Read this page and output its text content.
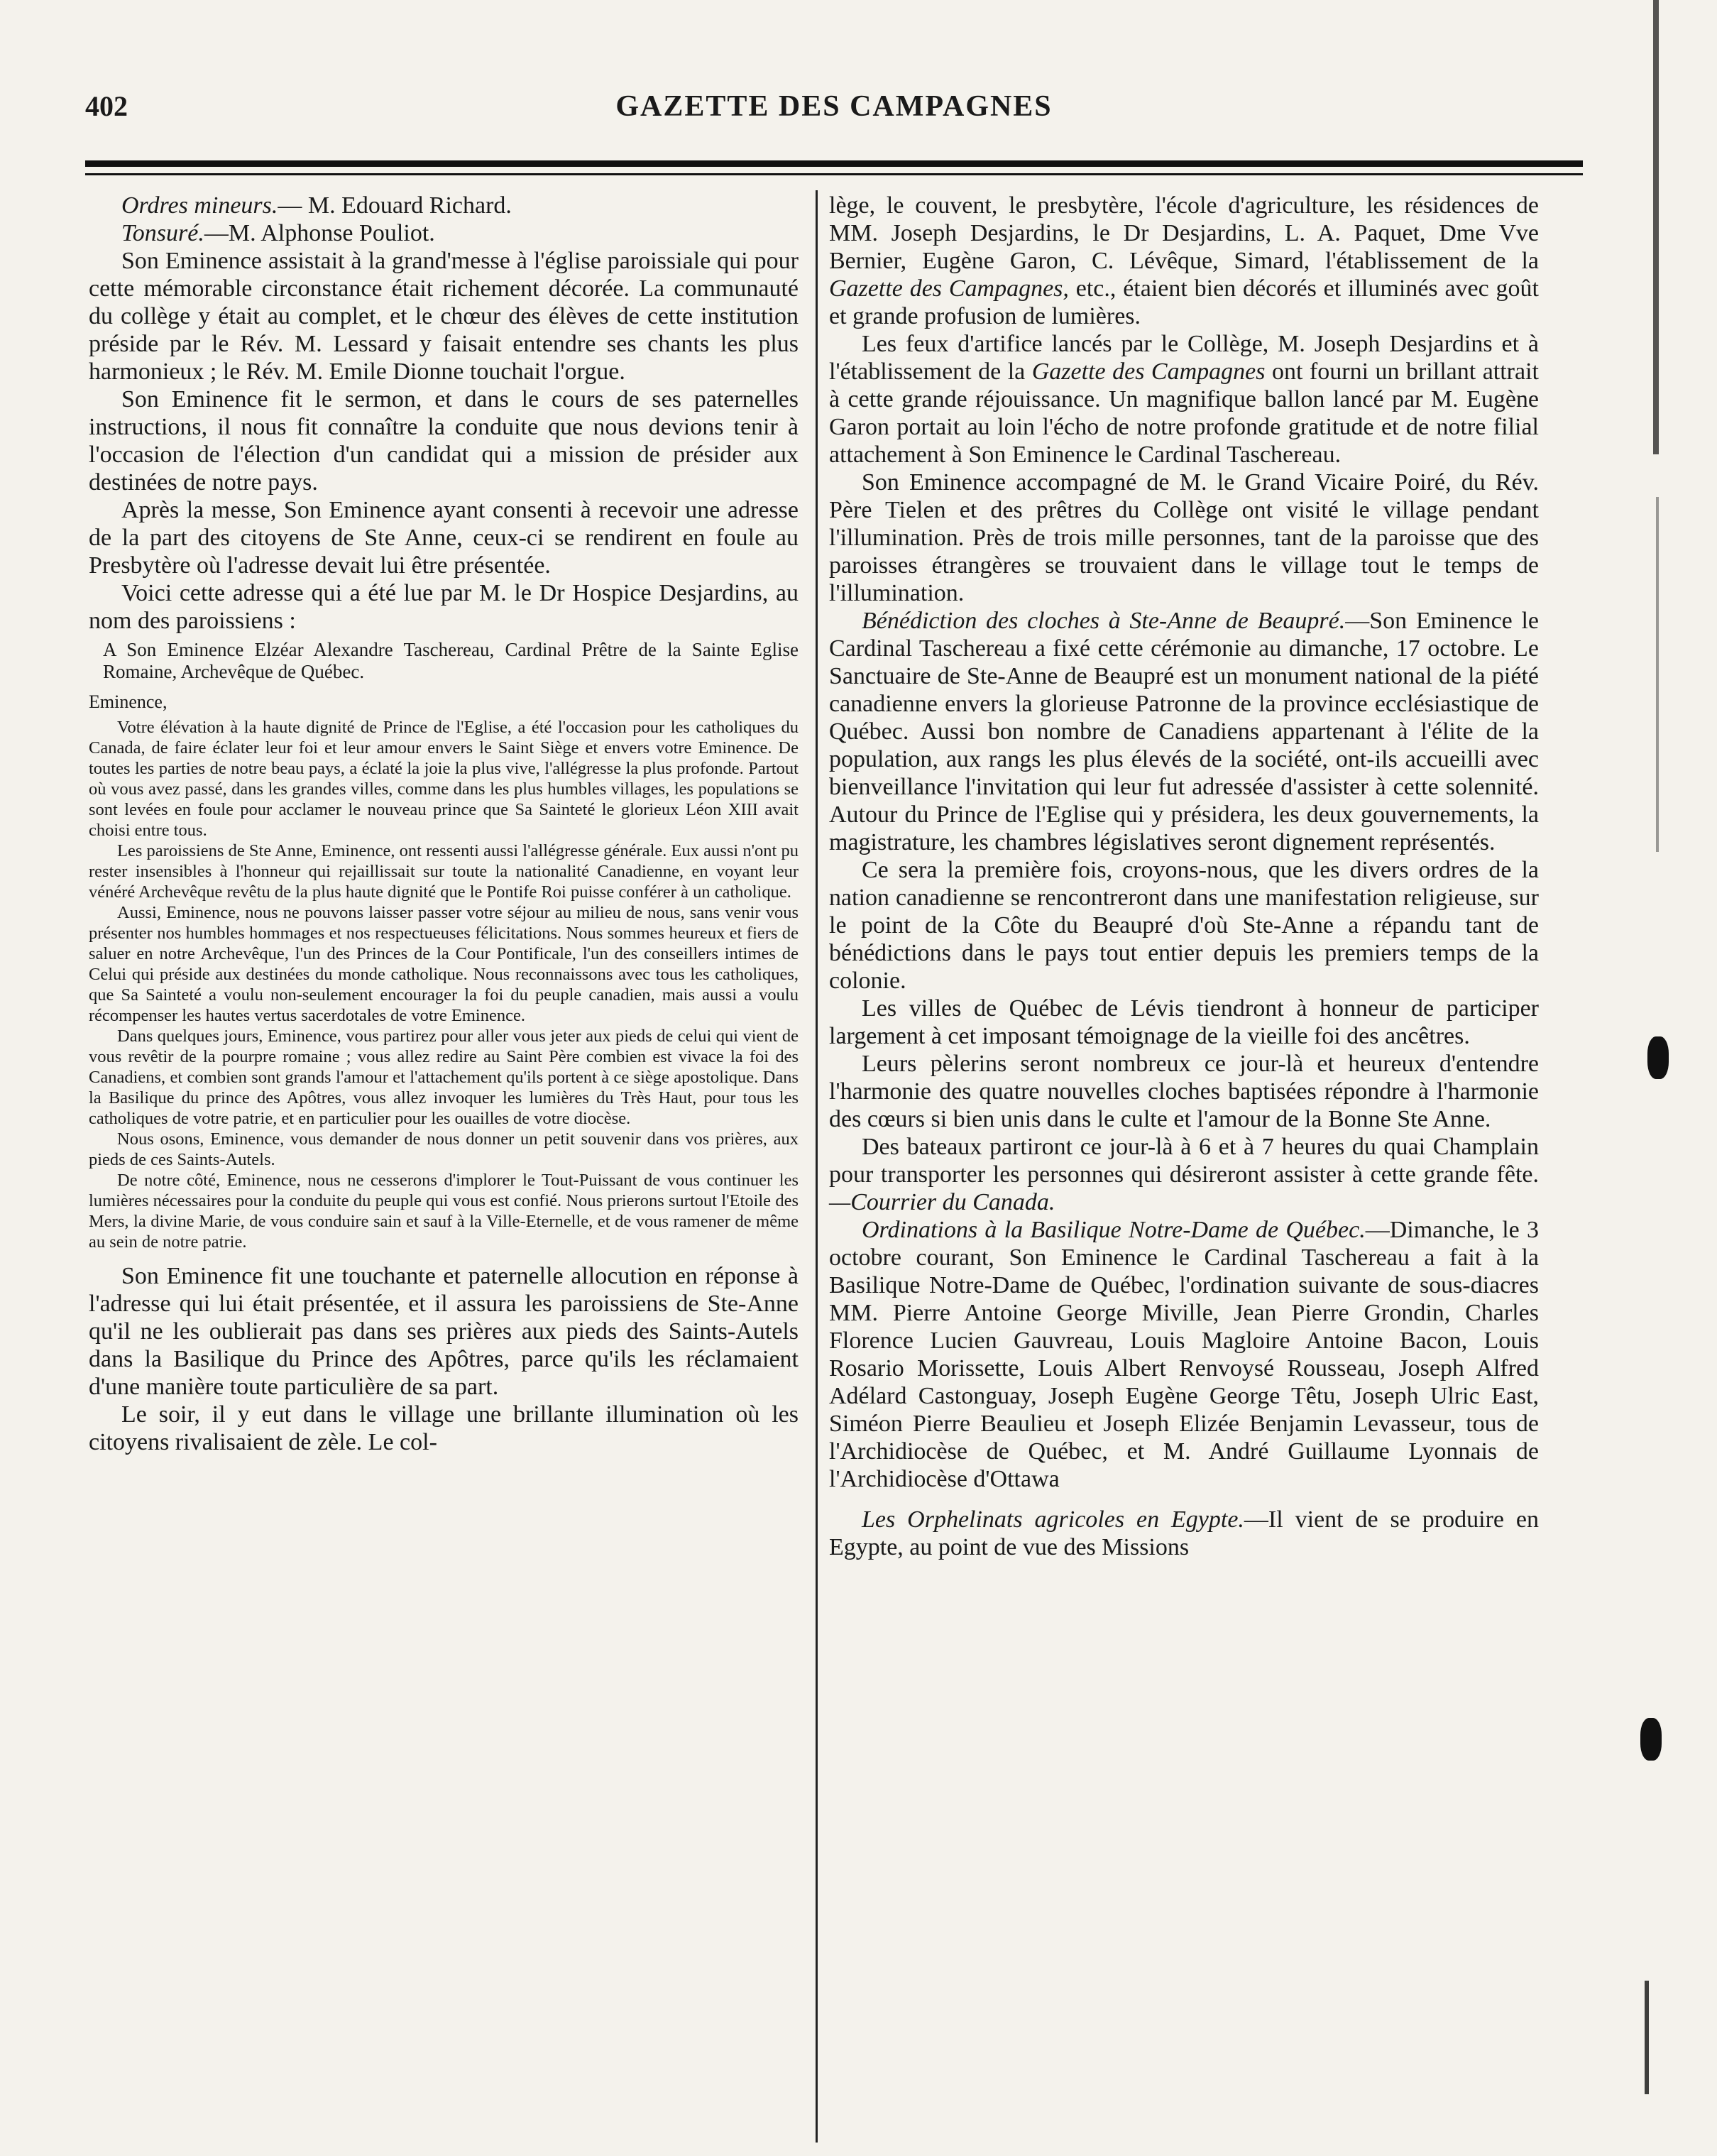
402	GAZETTE DES CAMPAGNES

Ordres mineurs.— M. Edouard Richard.

Tonsuré.—M. Alphonse Pouliot.

Son Eminence assistait à la grand'messe à l'église paroissiale qui pour cette mémorable circonstance était richement décorée. La communauté du collège y était au complet, et le chœur des élèves de cette institution préside par le Rév. M. Lessard y faisait entendre ses chants les plus harmonieux ; le Rév. M. Emile Dionne touchait l'orgue.

Son Eminence fit le sermon, et dans le cours de ses paternelles instructions, il nous fit connaître la conduite que nous devions tenir à l'occasion de l'élection d'un candidat qui a mission de présider aux destinées de notre pays.

Après la messe, Son Eminence ayant consenti à recevoir une adresse de la part des citoyens de Ste Anne, ceux-ci se rendirent en foule au Presbytère où l'adresse devait lui être présentée.

Voici cette adresse qui a été lue par M. le Dr Hospice Desjardins, au nom des paroissiens :

A Son Eminence Elzéar Alexandre Taschereau, Cardinal Prêtre de la Sainte Eglise Romaine, Archevêque de Québec.

Eminence,

Votre élévation à la haute dignité de Prince de l'Eglise, a été l'occasion pour les catholiques du Canada, de faire éclater leur foi et leur amour envers le Saint Siège et envers votre Eminence. De toutes les parties de notre beau pays, a éclaté la joie la plus vive, l'allégresse la plus profonde. Partout où vous avez passé, dans les grandes villes, comme dans les plus humbles villages, les populations se sont levées en foule pour acclamer le nouveau prince que Sa Sainteté le glorieux Léon XIII avait choisi entre tous.

Les paroissiens de Ste Anne, Eminence, ont ressenti aussi l'allégresse générale. Eux aussi n'ont pu rester insensibles à l'honneur qui rejaillissait sur toute la nationalité Canadienne, en voyant leur vénéré Archevêque revêtu de la plus haute dignité que le Pontife Roi puisse conférer à un catholique.

Aussi, Eminence, nous ne pouvons laisser passer votre séjour au milieu de nous, sans venir vous présenter nos humbles hommages et nos respectueuses félicitations. Nous sommes heureux et fiers de saluer en notre Archevêque, l'un des Princes de la Cour Pontificale, l'un des conseillers intimes de Celui qui préside aux destinées du monde catholique. Nous reconnaissons avec tous les catholiques, que Sa Sainteté a voulu non-seulement encourager la foi du peuple canadien, mais aussi a voulu récompenser les hautes vertus sacerdotales de votre Eminence.

Dans quelques jours, Eminence, vous partirez pour aller vous jeter aux pieds de celui qui vient de vous revêtir de la pourpre romaine ; vous allez redire au Saint Père combien est vivace la foi des Canadiens, et combien sont grands l'amour et l'attachement qu'ils portent à ce siège apostolique. Dans la Basilique du prince des Apôtres, vous allez invoquer les lumières du Très Haut, pour tous les catholiques de votre patrie, et en particulier pour les ouailles de votre diocèse.

Nous osons, Eminence, vous demander de nous donner un petit souvenir dans vos prières, aux pieds de ces Saints-Autels.

De notre côté, Eminence, nous ne cesserons d'implorer le Tout-Puissant de vous continuer les lumières nécessaires pour la conduite du peuple qui vous est confié. Nous prierons surtout l'Etoile des Mers, la divine Marie, de vous conduire sain et sauf à la Ville-Eternelle, et de vous ramener de même au sein de notre patrie.

Son Eminence fit une touchante et paternelle allocution en réponse à l'adresse qui lui était présentée, et il assura les paroissiens de Ste-Anne qu'il ne les oublierait pas dans ses prières aux pieds des Saints-Autels dans la Basilique du Prince des Apôtres, parce qu'ils les réclamaient d'une manière toute particulière de sa part.

Le soir, il y eut dans le village une brillante illumination où les citoyens rivalisaient de zèle. Le col-

lège, le couvent, le presbytère, l'école d'agriculture, les résidences de MM. Joseph Desjardins, le Dr Desjardins, L. A. Paquet, Dme Vve Bernier, Eugène Garon, C. Lévêque, Simard, l'établissement de la Gazette des Campagnes, etc., étaient bien décorés et illuminés avec goût et grande profusion de lumières.

Les feux d'artifice lancés par le Collège, M. Joseph Desjardins et à l'établissement de la Gazette des Campagnes ont fourni un brillant attrait à cette grande réjouissance. Un magnifique ballon lancé par M. Eugène Garon portait au loin l'écho de notre profonde gratitude et de notre filial attachement à Son Eminence le Cardinal Taschereau.

Son Eminence accompagné de M. le Grand Vicaire Poiré, du Rév. Père Tielen et des prêtres du Collège ont visité le village pendant l'illumination. Près de trois mille personnes, tant de la paroisse que des paroisses étrangères se trouvaient dans le village tout le temps de l'illumination.

Bénédiction des cloches à Ste-Anne de Beaupré.—Son Eminence le Cardinal Taschereau a fixé cette cérémonie au dimanche, 17 octobre. Le Sanctuaire de Ste-Anne de Beaupré est un monument national de la piété canadienne envers la glorieuse Patronne de la province ecclésiastique de Québec. Aussi bon nombre de Canadiens appartenant à l'élite de la population, aux rangs les plus élevés de la société, ont-ils accueilli avec bienveillance l'invitation qui leur fut adressée d'assister à cette solennité. Autour du Prince de l'Eglise qui y présidera, les deux gouvernements, la magistrature, les chambres législatives seront dignement représentés.

Ce sera la première fois, croyons-nous, que les divers ordres de la nation canadienne se rencontreront dans une manifestation religieuse, sur le point de la Côte du Beaupré d'où Ste-Anne a répandu tant de bénédictions dans le pays tout entier depuis les premiers temps de la colonie.

Les villes de Québec de Lévis tiendront à honneur de participer largement à cet imposant témoignage de la vieille foi des ancêtres.

Leurs pèlerins seront nombreux ce jour-là et heureux d'entendre l'harmonie des quatre nouvelles cloches baptisées répondre à l'harmonie des cœurs si bien unis dans le culte et l'amour de la Bonne Ste Anne.

Des bateaux partiront ce jour-là à 6 et à 7 heures du quai Champlain pour transporter les personnes qui désireront assister à cette grande fête.—Courrier du Canada.

Ordinations à la Basilique Notre-Dame de Québec.—Dimanche, le 3 octobre courant, Son Eminence le Cardinal Taschereau a fait à la Basilique Notre-Dame de Québec, l'ordination suivante de sous-diacres MM. Pierre Antoine George Miville, Jean Pierre Grondin, Charles Florence Lucien Gauvreau, Louis Magloire Antoine Bacon, Louis Rosario Morissette, Louis Albert Renvoysé Rousseau, Joseph Alfred Adélard Castonguay, Joseph Eugène George Têtu, Joseph Ulric East, Siméon Pierre Beaulieu et Joseph Elizée Benjamin Levasseur, tous de l'Archidiocèse de Québec, et M. André Guillaume Lyonnais de l'Archidiocèse d'Ottawa

Les Orphelinats agricoles en Egypte.—Il vient de se produire en Egypte, au point de vue des Missions
